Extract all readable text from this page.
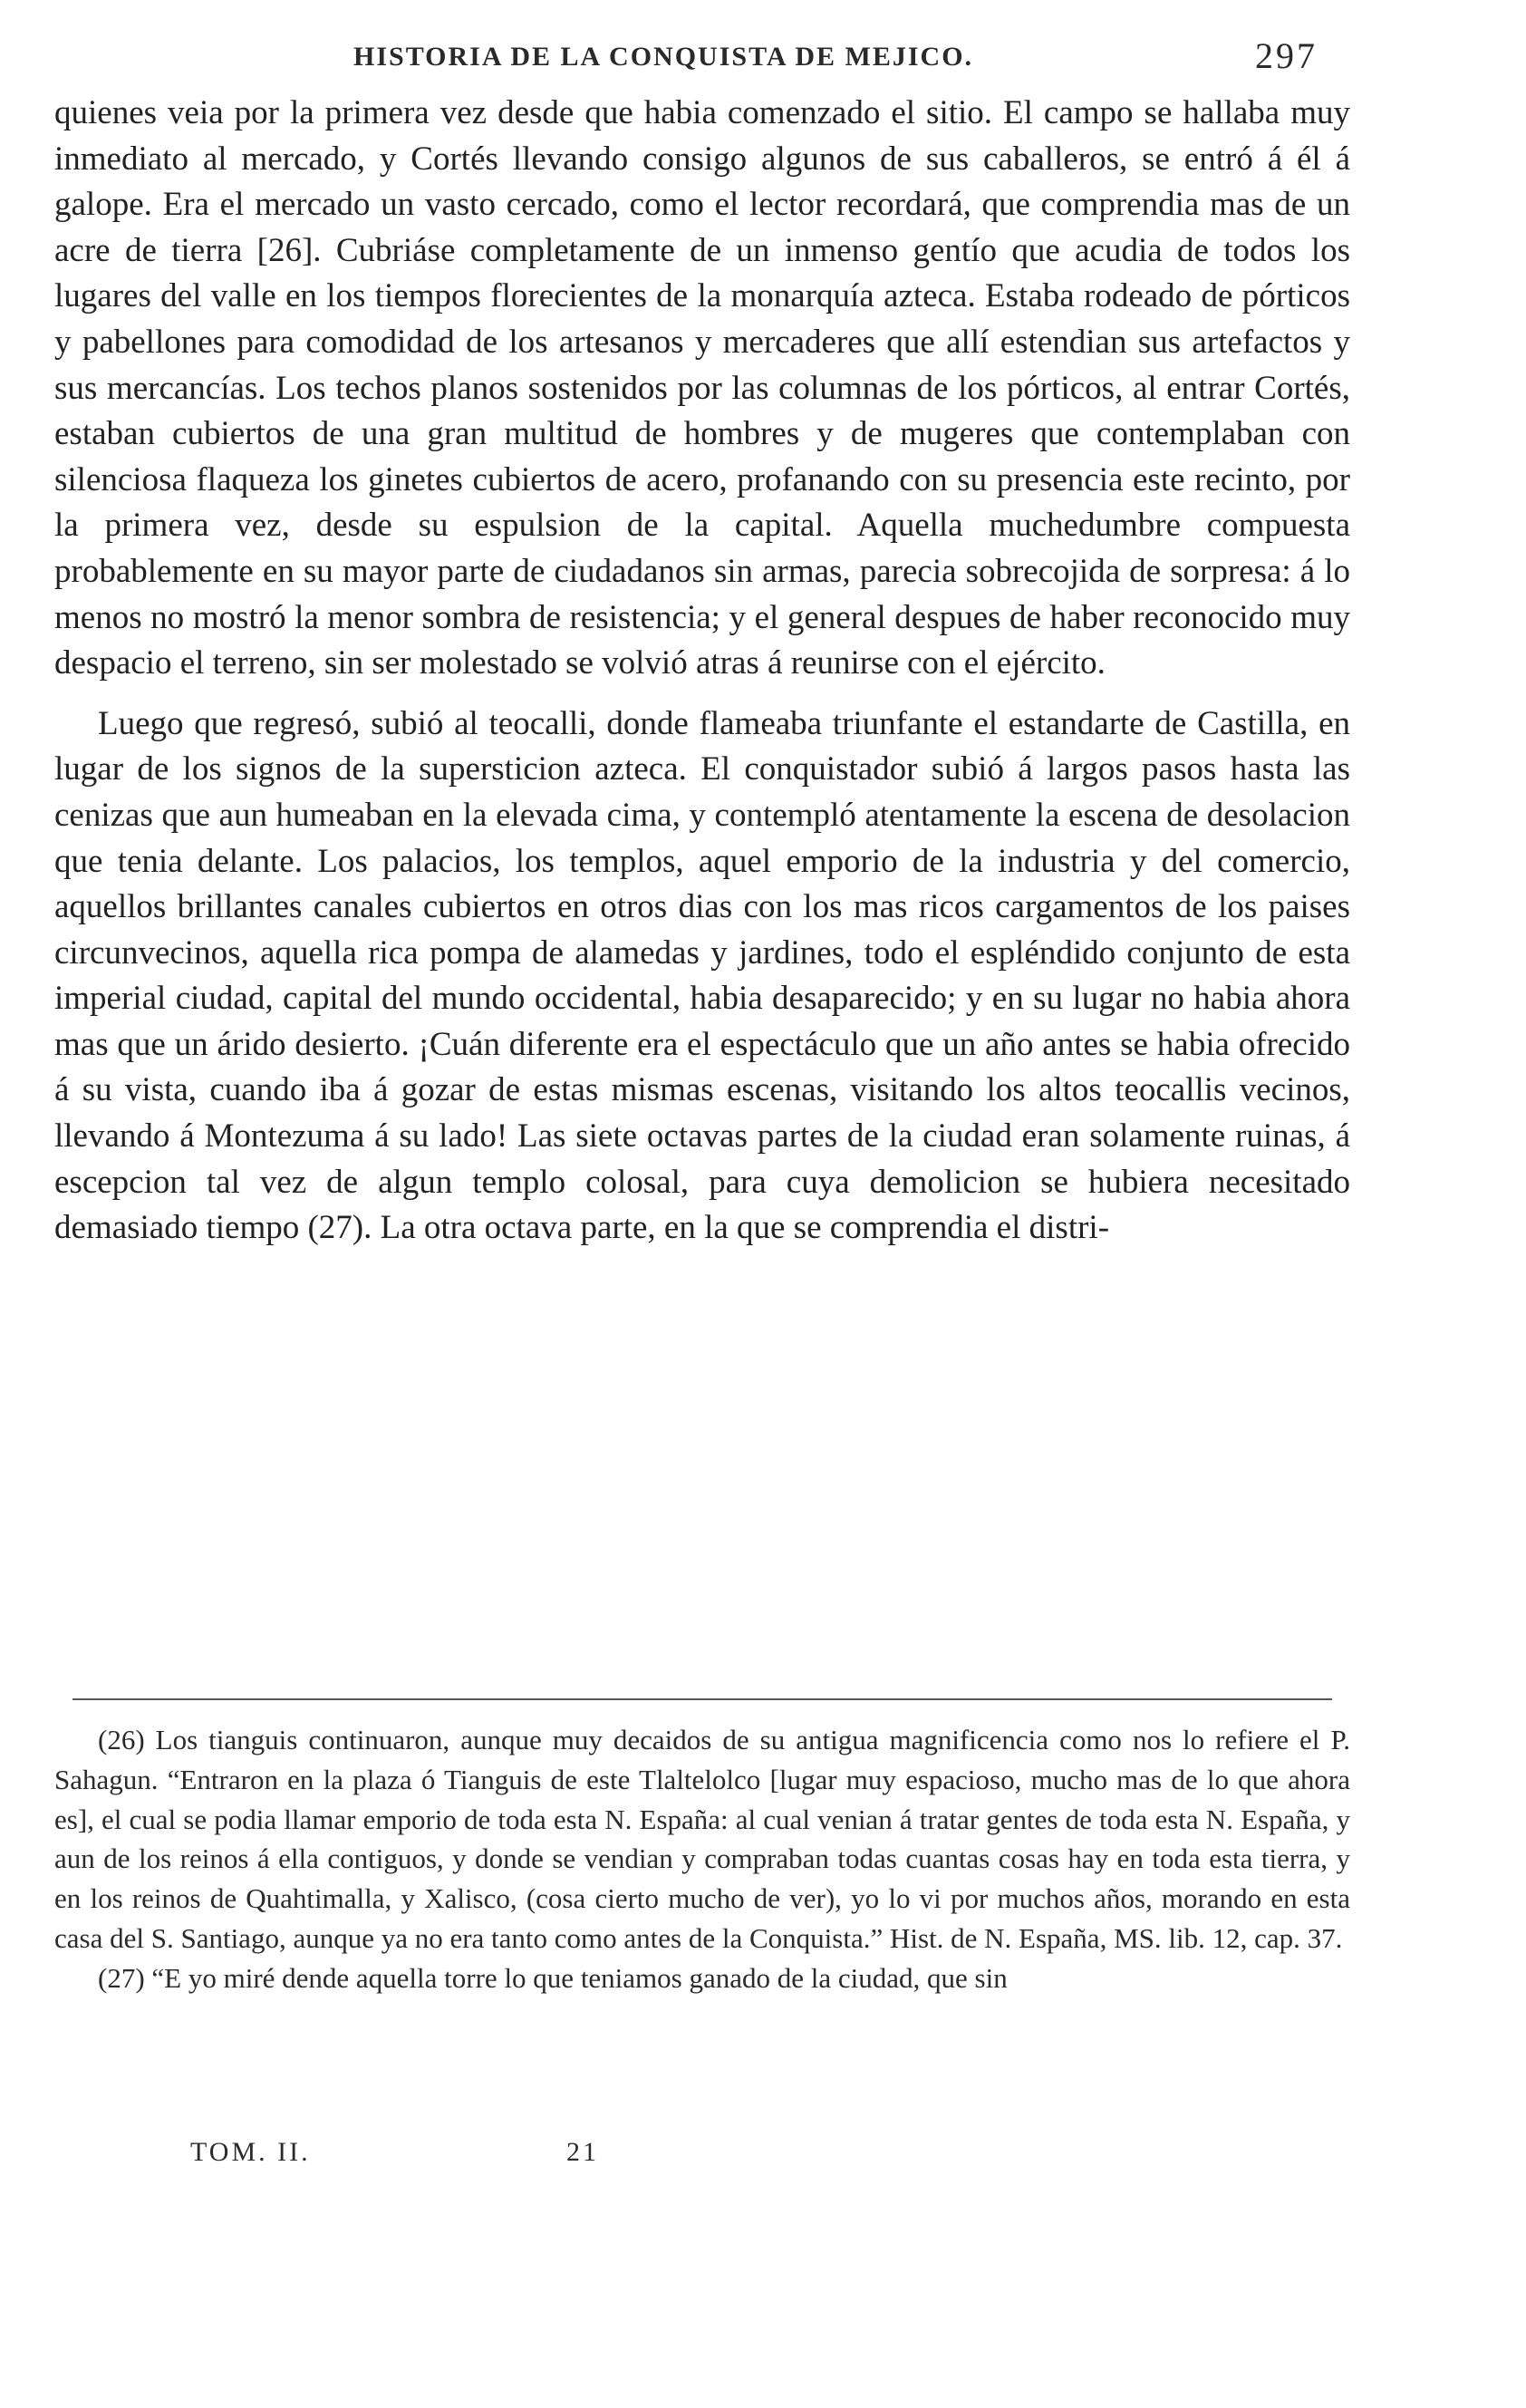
HISTORIA DE LA CONQUISTA DE MEJICO.	297

quienes veia por la primera vez desde que habia comenzado el sitio. El campo se hallaba muy inmediato al mercado, y Cortés llevando consigo algunos de sus caballeros, se entró á él á galope. Era el mercado un vasto cercado, como el lector recordará, que comprendia mas de un acre de tierra [26]. Cubriáse completamente de un inmenso gentío que acudia de todos los lugares del valle en los tiempos florecientes de la monarquía azteca. Estaba rodeado de pórticos y pabellones para comodidad de los artesanos y mercaderes que allí estendian sus artefactos y sus mercancías. Los techos planos sostenidos por las columnas de los pórticos, al entrar Cortés, estaban cubiertos de una gran multitud de hombres y de mugeres que contemplaban con silenciosa flaqueza los ginetes cubiertos de acero, profanando con su presencia este recinto, por la primera vez, desde su espulsion de la capital. Aquella muchedumbre compuesta probablemente en su mayor parte de ciudadanos sin armas, parecia sobrecojida de sorpresa: á lo menos no mostró la menor sombra de resistencia; y el general despues de haber reconocido muy despacio el terreno, sin ser molestado se volvió atras á reunirse con el ejército.

Luego que regresó, subió al teocalli, donde flameaba triunfante el estandarte de Castilla, en lugar de los signos de la supersticion azteca. El conquistador subió á largos pasos hasta las cenizas que aun humeaban en la elevada cima, y contempló atentamente la escena de desolacion que tenia delante. Los palacios, los templos, aquel emporio de la industria y del comercio, aquellos brillantes canales cubiertos en otros dias con los mas ricos cargamentos de los paises circunvecinos, aquella rica pompa de alamedas y jardines, todo el espléndido conjunto de esta imperial ciudad, capital del mundo occidental, habia desaparecido; y en su lugar no habia ahora mas que un árido desierto. ¡Cuán diferente era el espectáculo que un año antes se habia ofrecido á su vista, cuando iba á gozar de estas mismas escenas, visitando los altos teocallis vecinos, llevando á Montezuma á su lado! Las siete octavas partes de la ciudad eran solamente ruinas, á escepcion tal vez de algun templo colosal, para cuya demolicion se hubiera necesitado demasiado tiempo (27). La otra octava parte, en la que se comprendia el distri-

(26) Los tianguis continuaron, aunque muy decaidos de su antigua magnificencia como nos lo refiere el P. Sahagun. “Entraron en la plaza ó Tianguis de este Tlaltelolco [lugar muy espacioso, mucho mas de lo que ahora es], el cual se podia llamar emporio de toda esta N. España: al cual venian á tratar gentes de toda esta N. España, y aun de los reinos á ella contiguos, y donde se vendian y compraban todas cuantas cosas hay en toda esta tierra, y en los reinos de Quahtimalla, y Xalisco, (cosa cierto mucho de ver), yo lo vi por muchos años, morando en esta casa del S. Santiago, aunque ya no era tanto como antes de la Conquista.” Hist. de N. España, MS. lib. 12, cap. 37.

(27) “E yo miré dende aquella torre lo que teniamos ganado de la ciudad, que sin

TOM. II.	21
